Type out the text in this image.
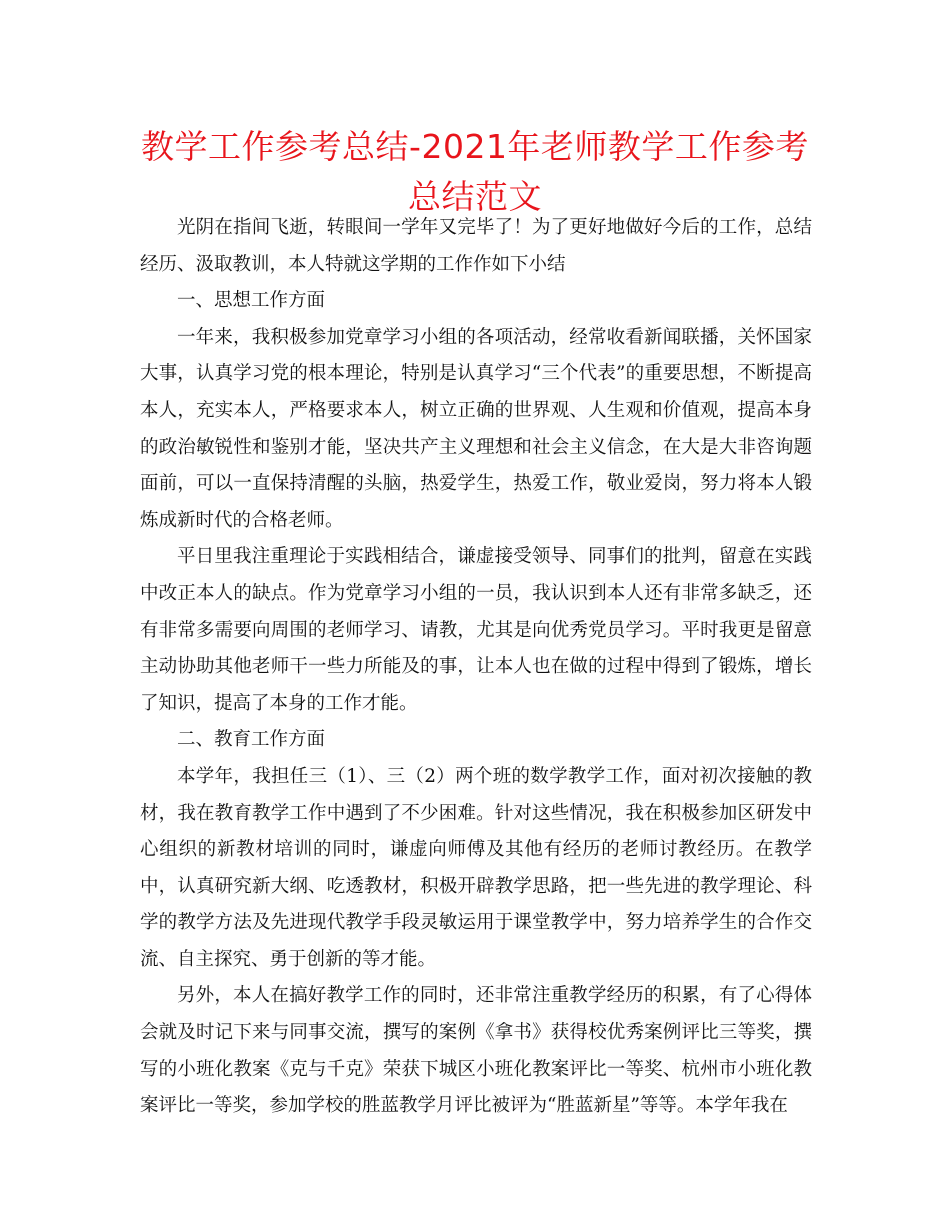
教学工作参考总结-2021年老师教学工作参考总结范文

光阴在指间飞逝，转眼间一学年又完毕了！为了更好地做好今后的工作，总结经历、汲取教训，本人特就这学期的工作作如下小结

一、思想工作方面

一年来，我积极参加党章学习小组的各项活动，经常收看新闻联播，关怀国家大事，认真学习党的根本理论，特别是认真学习“三个代表”的重要思想，不断提高本人，充实本人，严格要求本人，树立正确的世界观、人生观和价值观，提高本身的政治敏锐性和鉴别才能，坚决共产主义理想和社会主义信念，在大是大非咨询题面前，可以一直保持清醒的头脑，热爱学生，热爱工作，敬业爱岗，努力将本人锻炼成新时代的合格老师。

平日里我注重理论于实践相结合，谦虚接受领导、同事们的批判，留意在实践中改正本人的缺点。作为党章学习小组的一员，我认识到本人还有非常多缺乏，还有非常多需要向周围的老师学习、请教，尤其是向优秀党员学习。平时我更是留意主动协助其他老师干一些力所能及的事，让本人也在做的过程中得到了锻炼，增长了知识，提高了本身的工作才能。

二、教育工作方面

本学年，我担任三（1）、三（2）两个班的数学教学工作，面对初次接触的教材，我在教育教学工作中遇到了不少困难。针对这些情况，我在积极参加区研发中心组织的新教材培训的同时，谦虚向师傅及其他有经历的老师讨教经历。在教学中，认真研究新大纲、吃透教材，积极开辟教学思路，把一些先进的教学理论、科学的教学方法及先进现代教学手段灵敏运用于课堂教学中，努力培养学生的合作交流、自主探究、勇于创新的等才能。

另外，本人在搞好教学工作的同时，还非常注重教学经历的积累，有了心得体会就及时记下来与同事交流，撰写的案例《拿书》获得校优秀案例评比三等奖，撰写的小班化教案《克与千克》荣获下城区小班化教案评比一等奖、杭州市小班化教案评比一等奖，参加学校的胜蓝教学月评比被评为“胜蓝新星”等等。本学年我在
